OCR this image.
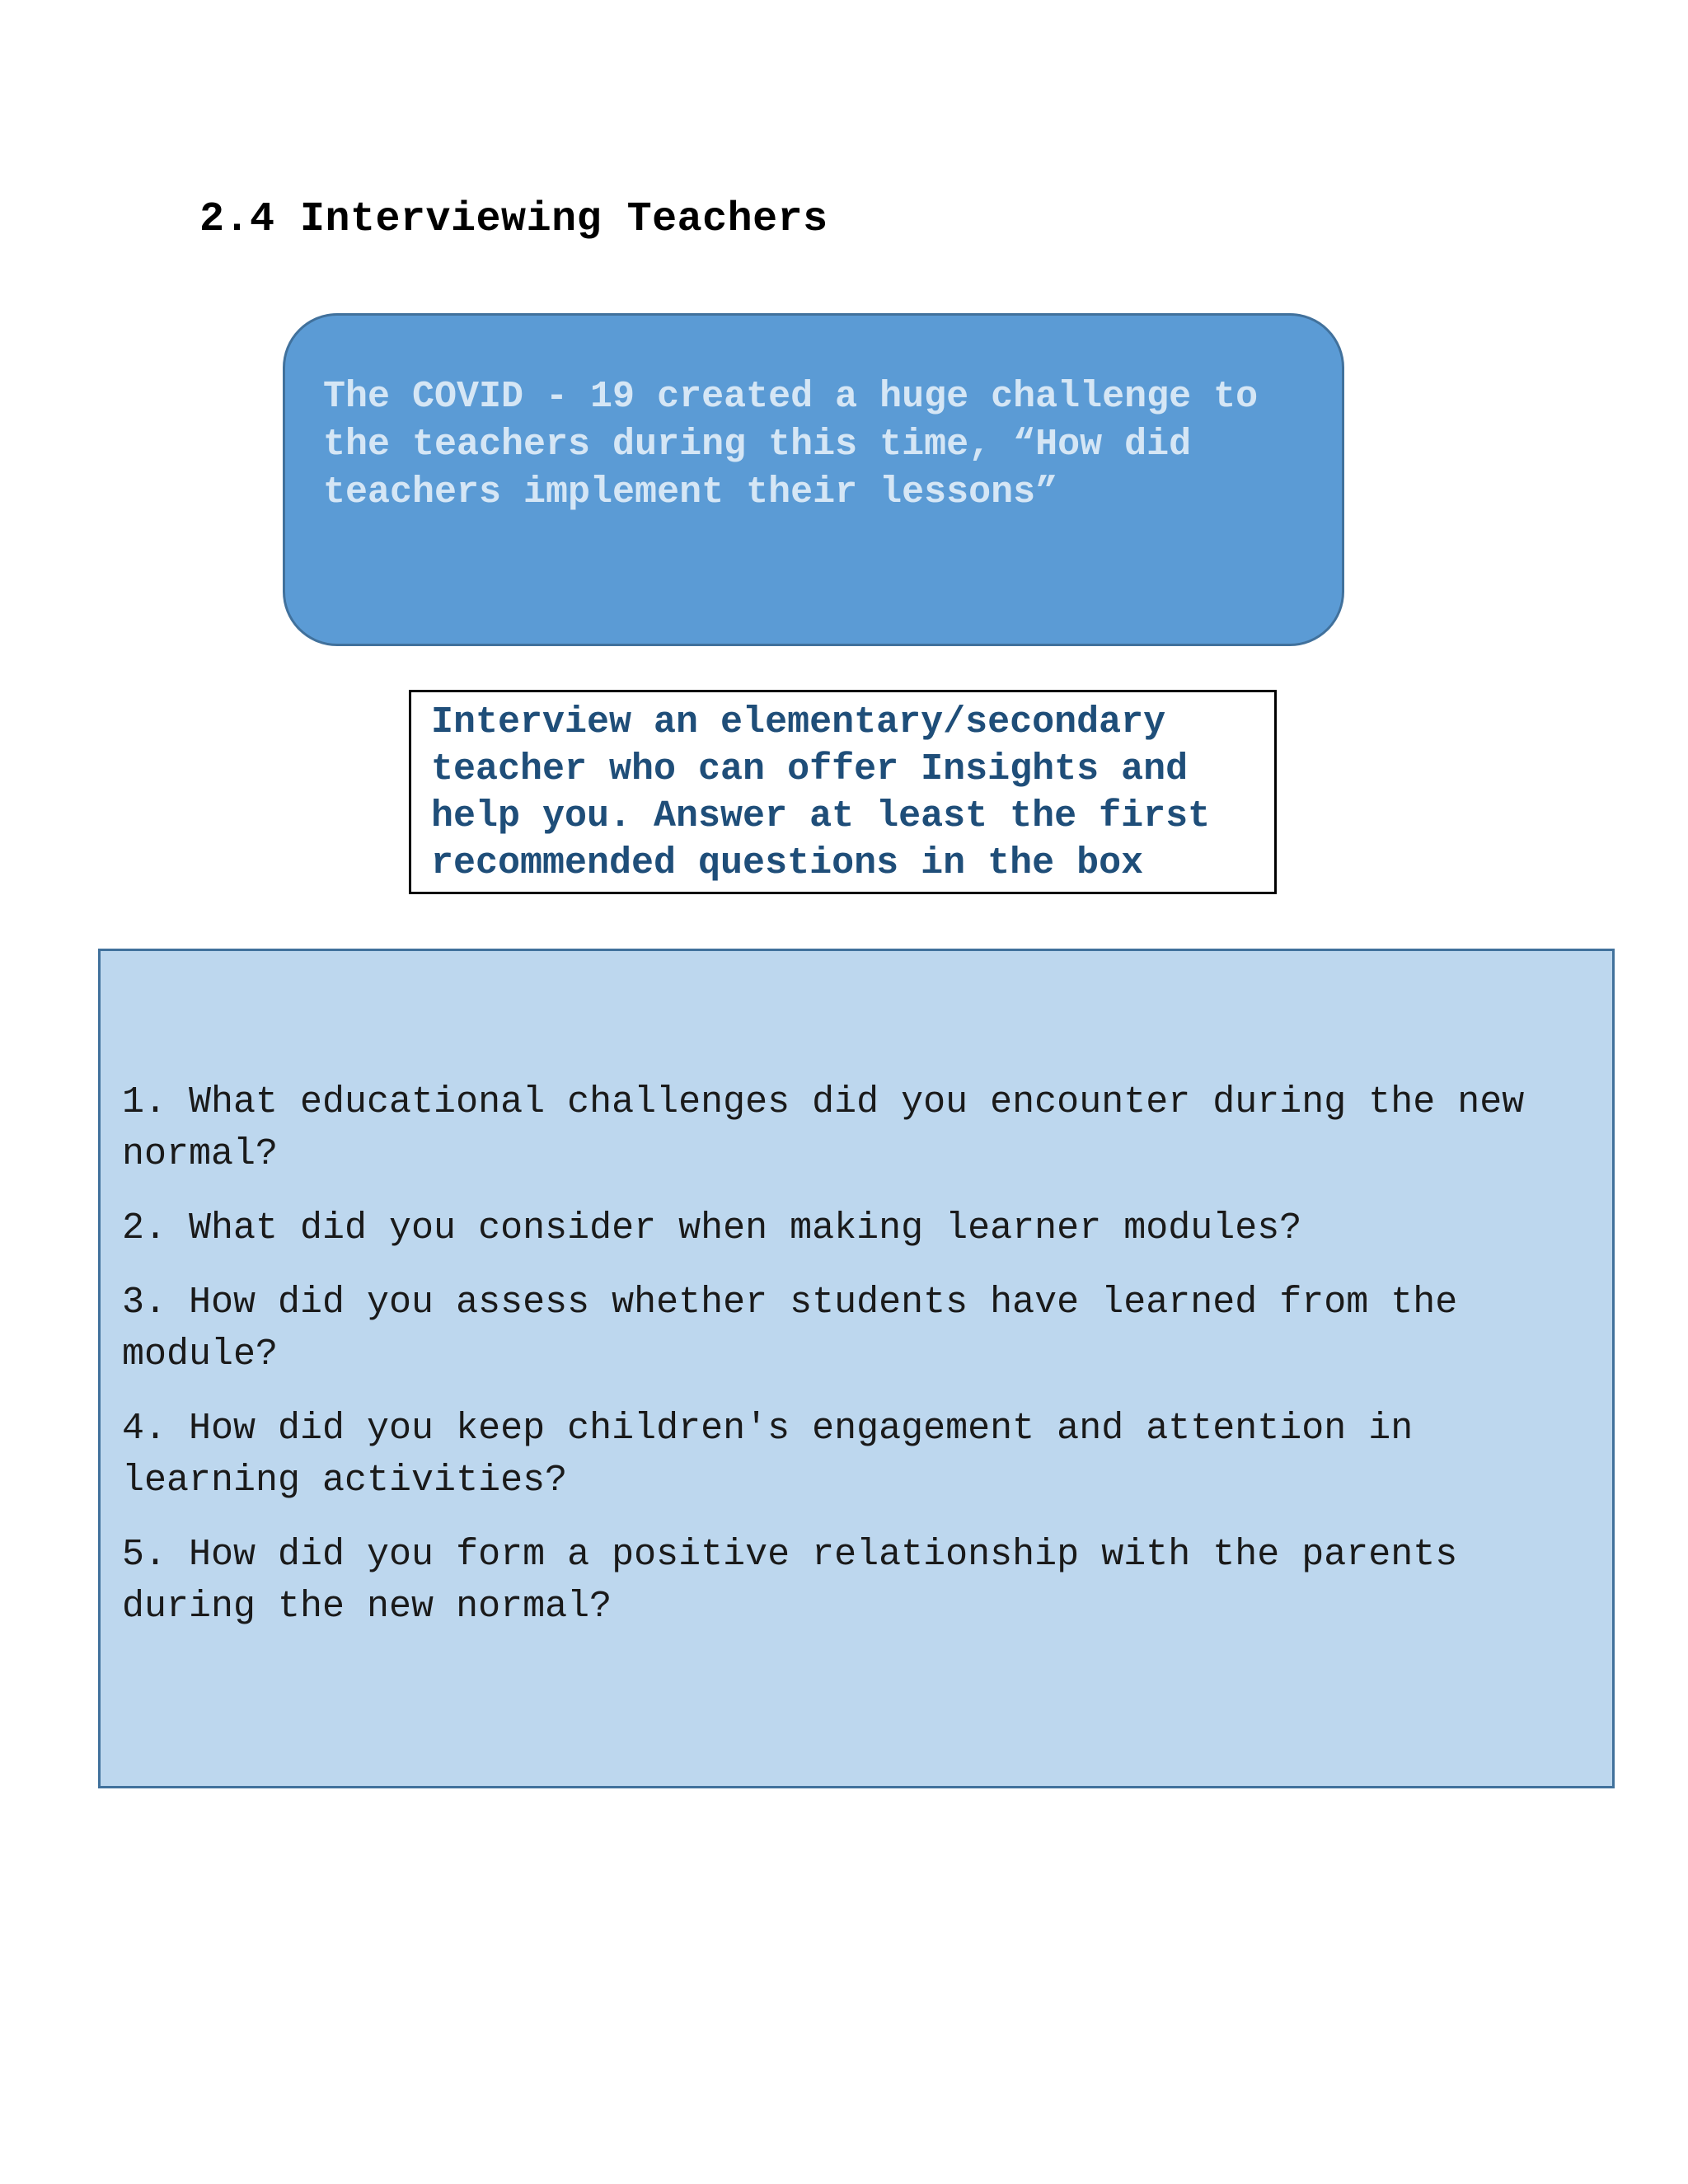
2.4 Interviewing Teachers

The COVID - 19 created a huge challenge to the teachers during this time, “How did teachers implement their lessons”

Interview an elementary/secondary teacher who can offer Insights and help you. Answer at least the first recommended questions in the box

1. What educational challenges did you encounter during the new normal?

2. What did you consider when making learner modules?

3. How did you assess whether students have learned from the module?

4. How did you keep children's engagement and attention in learning activities?

5. How did you form a positive relationship with the parents during the new normal?
